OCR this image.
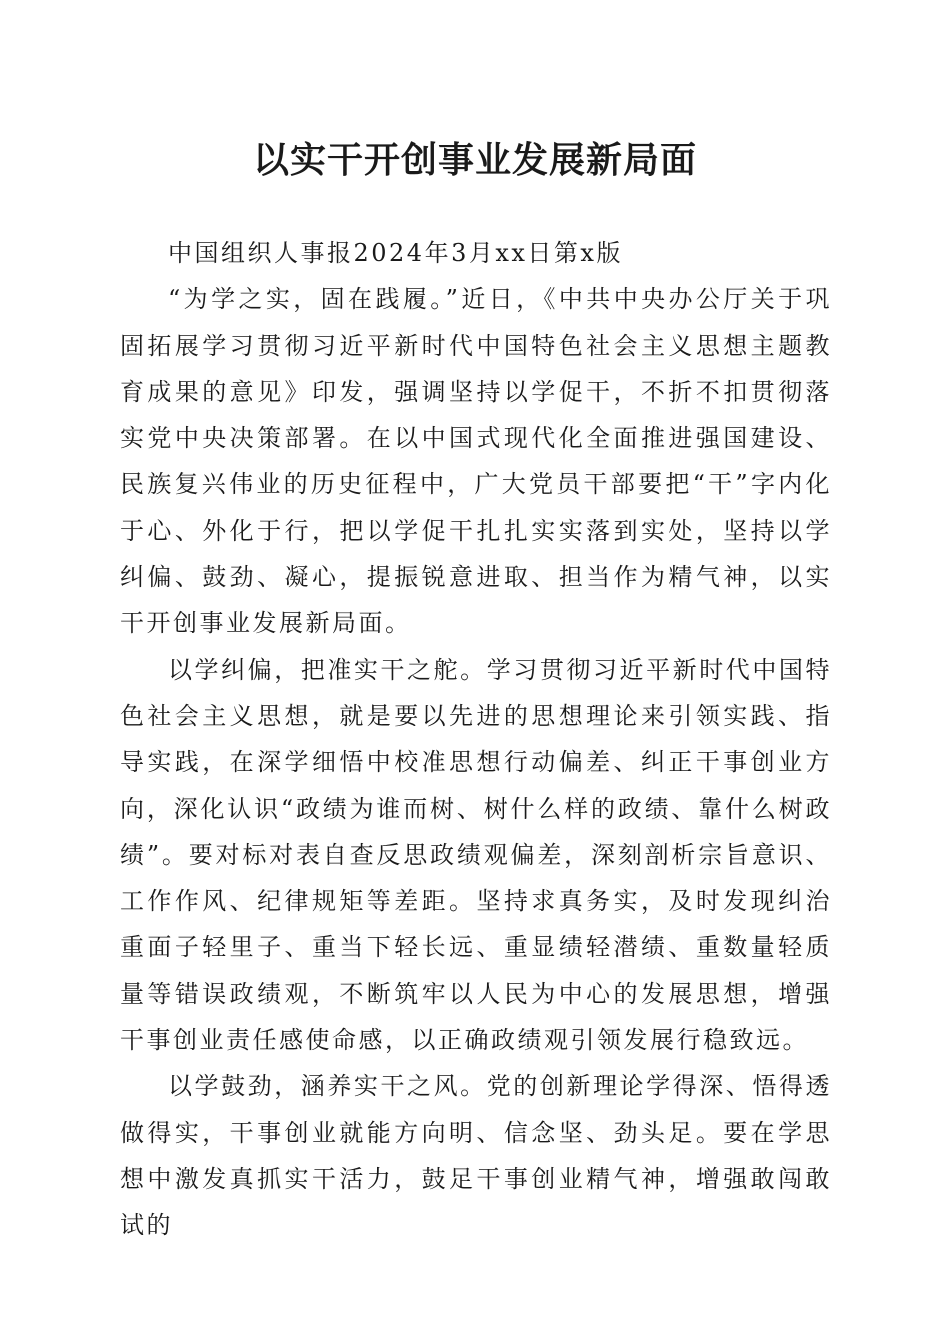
以实干开创事业发展新局面

中国组织人事报2024年3月xx日第x版

“为学之实，固在践履。”近日，《中共中央办公厅关于巩固拓展学习贯彻习近平新时代中国特色社会主义思想主题教育成果的意见》印发，强调坚持以学促干，不折不扣贯彻落实党中央决策部署。在以中国式现代化全面推进强国建设、民族复兴伟业的历史征程中，广大党员干部要把“干”字内化于心、外化于行，把以学促干扎扎实实落到实处，坚持以学纠偏、鼓劲、凝心，提振锐意进取、担当作为精气神，以实干开创事业发展新局面。

以学纠偏，把准实干之舵。学习贯彻习近平新时代中国特色社会主义思想，就是要以先进的思想理论来引领实践、指导实践，在深学细悟中校准思想行动偏差、纠正干事创业方向，深化认识“政绩为谁而树、树什么样的政绩、靠什么树政绩”。要对标对表自查反思政绩观偏差，深刻剖析宗旨意识、工作作风、纪律规矩等差距。坚持求真务实，及时发现纠治重面子轻里子、重当下轻长远、重显绩轻潜绩、重数量轻质量等错误政绩观，不断筑牢以人民为中心的发展思想，增强干事创业责任感使命感，以正确政绩观引领发展行稳致远。

以学鼓劲，涵养实干之风。党的创新理论学得深、悟得透做得实，干事创业就能方向明、信念坚、劲头足。要在学思想中激发真抓实干活力，鼓足干事创业精气神，增强敢闯敢试的
